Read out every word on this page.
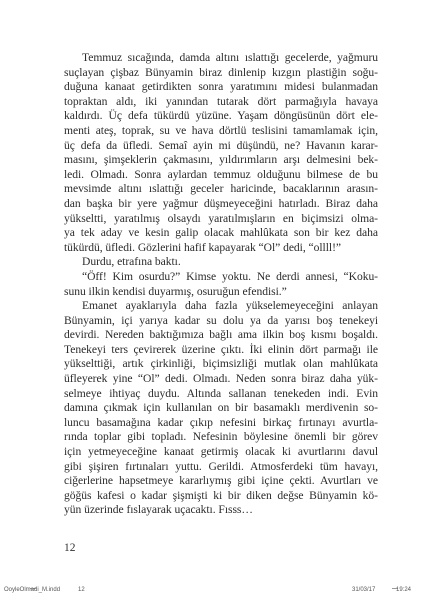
Temmuz sıcağında, damda altını ıslattığı gecelerde, yağmuru
suçlayan çişbaz Bünyamin biraz dinlenip kızgın plastiğin soğu-
duğuna kanaat getirdikten sonra yaratımını midesi bulanmadan
topraktan aldı, iki yanından tutarak dört parmağıyla havaya
kaldırdı. Üç defa tükürdü yüzüne. Yaşam döngüsünün dört ele-
menti ateş, toprak, su ve hava dörtlü teslisini tamamlamak için,
üç defa da üfledi. Semaî ayin mi düşündü, ne? Havanın karar-
masını, şimşeklerin çakmasını, yıldırımların arşı delmesini bek-
ledi. Olmadı. Sonra aylardan temmuz olduğunu bilmese de bu
mevsimde altını ıslattığı geceler haricinde, bacaklarının arasın-
dan başka bir yere yağmur düşmeyeceğini hatırladı. Biraz daha
yükseltti, yaratılmış olsaydı yaratılmışların en biçimsizi olma-
ya tek aday ve kesin galip olacak mahlûkata son bir kez daha
tükürdü, üfledi. Gözlerini hafif kapayarak “Ol” dedi, “ollll!”
Durdu, etrafına baktı.
“Öff! Kim osurdu?” Kimse yoktu. Ne derdi annesi, “Koku-
sunu ilkin kendisi duyarmış, osuruğun efendisi.”
Emanet ayaklarıyla daha fazla yükselemeyeceğini anlayan
Bünyamin, içi yarıya kadar su dolu ya da yarısı boş tenekeyi
devirdi. Nereden baktığımıza bağlı ama ilkin boş kısmı boşaldı.
Tenekeyi ters çevirerek üzerine çıktı. İki elinin dört parmağı ile
yükselttiği, artık çirkinliği, biçimsizliği mutlak olan mahlûkata
üfleyerek yine “Ol” dedi. Olmadı. Neden sonra biraz daha yük-
selmeye ihtiyaç duydu. Altında sallanan tenekeden indi. Evin
damına çıkmak için kullanılan on bir basamaklı merdivenin so-
luncu basamağına kadar çıkıp nefesini birkaç fırtınayı avurtla-
rında toplar gibi topladı. Nefesinin böylesine önemli bir görev
için yetmeyeceğine kanaat getirmiş olacak ki avurtlarını davul
gibi şişiren fırtınaları yuttu. Gerildi. Atmosferdeki tüm havayı,
ciğerlerine hapsetmeye kararlıymış gibi içine çekti. Avurtları ve
göğüs kafesi o kadar şişmişti ki bir diken değse Bünyamin kö-
yün üzerinde fıslayarak uçacaktı. Fısss…
12
OoyleOlmadi_M.indd	12	31/03/17	19:24
